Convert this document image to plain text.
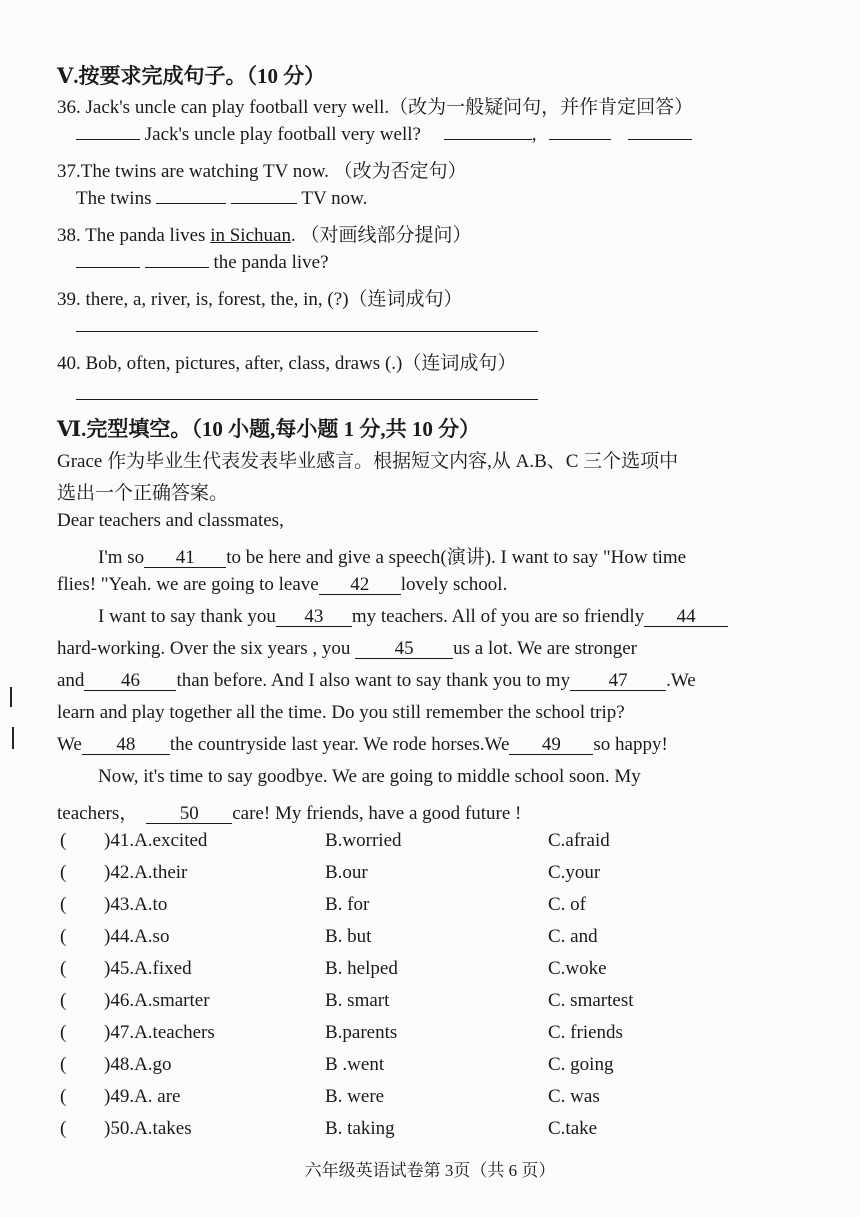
Ⅴ.按要求完成句子。（10 分）
36. Jack's uncle can play football very well.（改为一般疑问句，并作肯定回答）
Jack's uncle play football very well?	,
37.The twins are watching TV now. （改为否定句）
The twins	TV now.
38. The panda lives in Sichuan. （对画线部分提问）
the panda live?
39. there, a, river, is, forest, the, in, (?)（连词成句）
40. Bob, often, pictures, after, class, draws (.)（连词成句）
Ⅵ.完型填空。（10 小题,每小题 1 分,共 10 分）
Grace 作为毕业生代表发表毕业感言。根据短文内容,从 A.B、C 三个选项中
选出一个正确答案。
Dear teachers and classmates,
I'm so 41 to be here and give a speech(演讲). I want to say "How time
flies! "Yeah. we are going to leave 42 lovely school.
I want to say thank you 43 my teachers. All of you are so friendly 44
hard-working. Over the six years , you 45 us a lot. We are stronger
and 46 than before. And I also want to say thank you to my 47 .We
learn and play together all the time. Do you still remember the school trip?
We 48 the countryside last year. We rode horses.We 49 so happy!
Now, it's time to say goodbye. We are going to middle school soon. My
teachers， 50 care! My friends, have a good future !
( )41.A.excited	B.worried	C.afraid
( )42.A.their	B.our	C.your
( )43.A.to	B. for	C. of
( )44.A.so	B. but	C. and
( )45.A.fixed	B. helped	C.woke
( )46.A.smarter	B. smart	C. smartest
( )47.A.teachers	B.parents	C. friends
( )48.A.go	B .went	C. going
( )49.A. are	B. were	C. was
( )50.A.takes	B. taking	C.take
六年级英语试卷第 3页（共 6 页）
